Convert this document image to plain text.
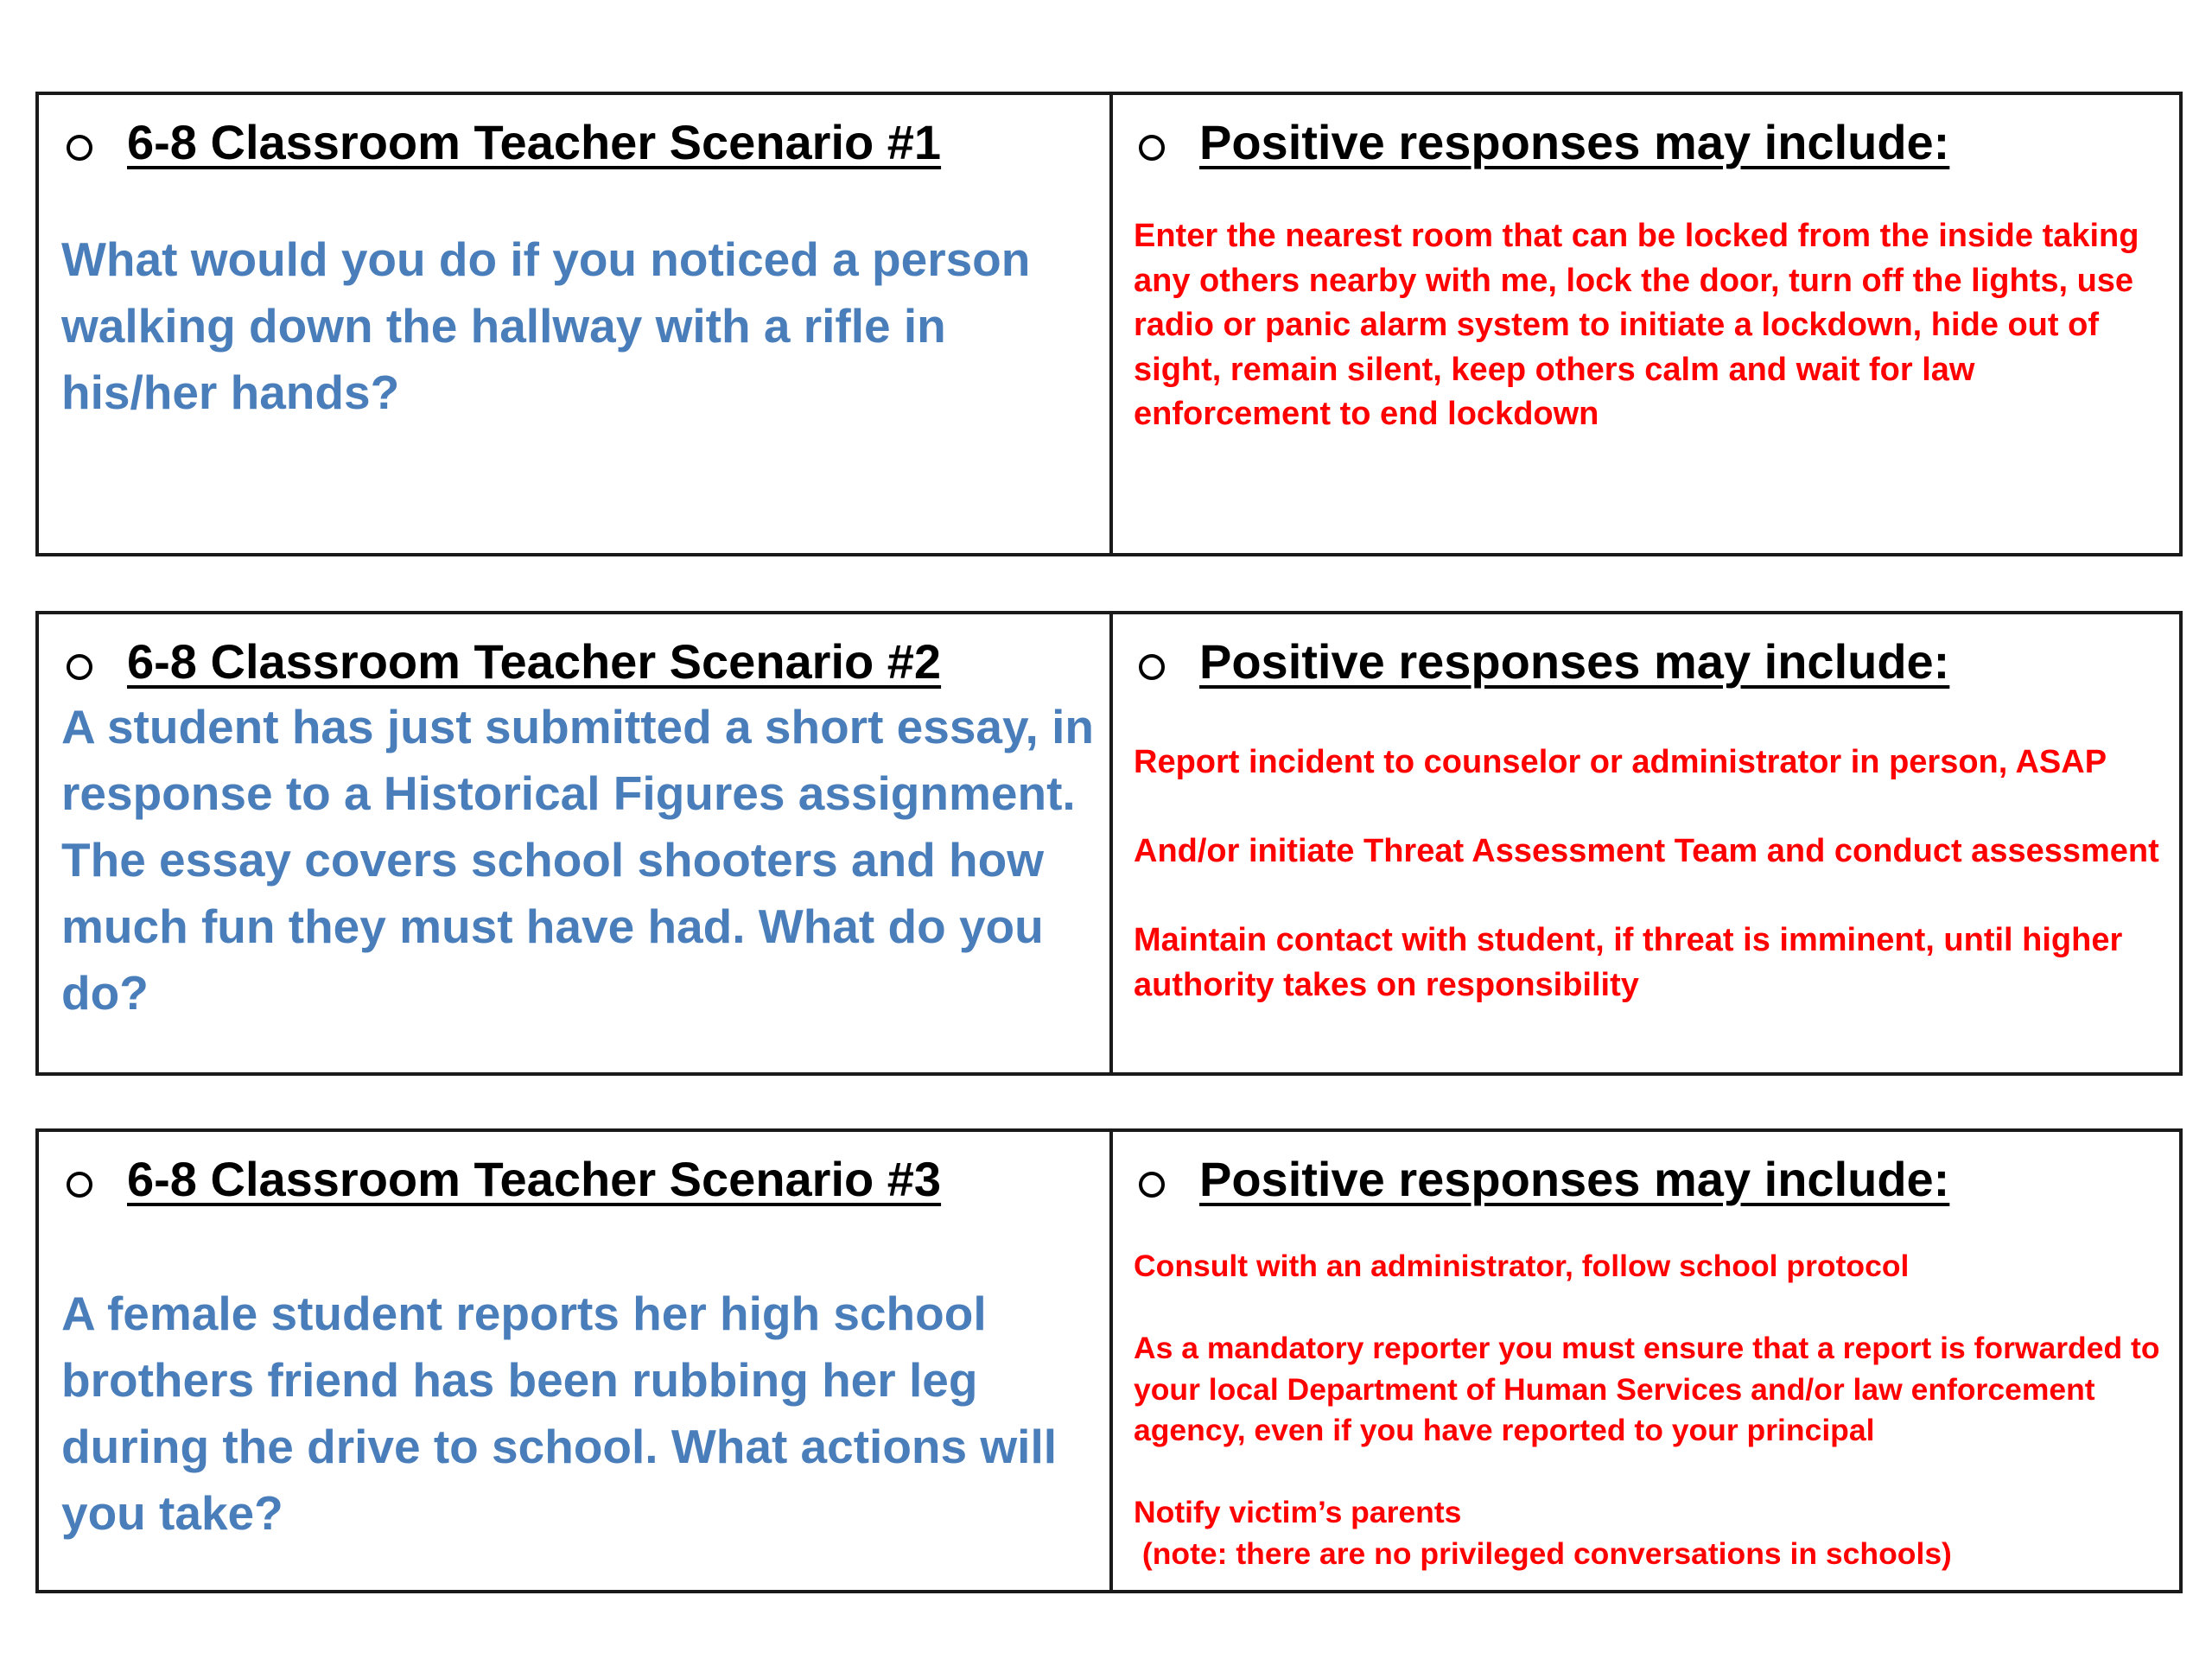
6-8 Classroom Teacher Scenario #1

What would you do if you noticed a person walking down the hallway with a rifle in his/her hands?

Positive responses may include:

Enter the nearest room that can be locked from the inside taking any others nearby with me, lock the door, turn off the lights, use radio or panic alarm system to initiate a lockdown, hide out of sight, remain silent, keep others calm and wait for law enforcement to end lockdown

6-8 Classroom Teacher Scenario #2

A student has just submitted a short essay, in response to a Historical Figures assignment. The essay covers school shooters and how much fun they must have had. What do you do?

Positive responses may include:

Report incident to counselor or administrator in person, ASAP

And/or initiate Threat Assessment Team and conduct assessment

Maintain contact with student, if threat is imminent, until higher authority takes on responsibility

6-8 Classroom Teacher Scenario #3

A female student reports her high school brothers friend has been rubbing her leg during the drive to school. What actions will you take?

Positive responses may include:

Consult with an administrator, follow school protocol

As a mandatory reporter you must ensure that a report is forwarded to your local Department of Human Services and/or law enforcement agency, even if you have reported to your principal

Notify victim’s parents

(note: there are no privileged conversations in schools)
